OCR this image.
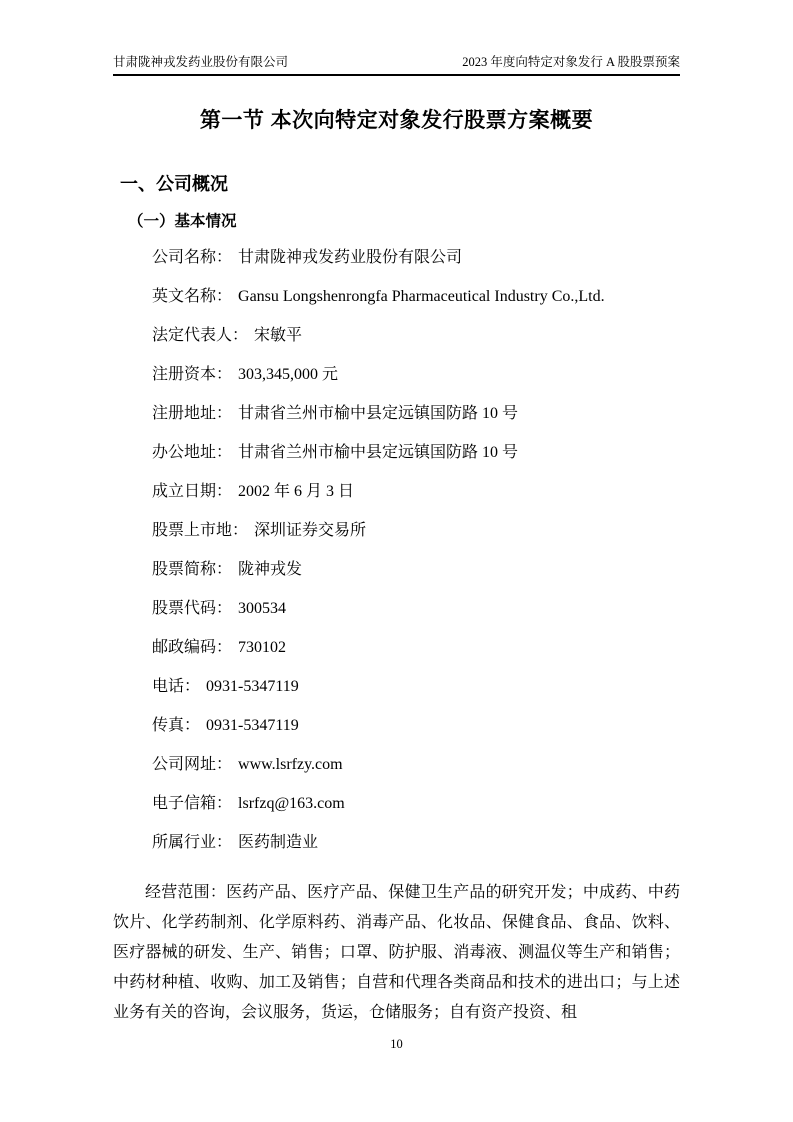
甘肃陇神戎发药业股份有限公司	2023 年度向特定对象发行 A 股股票预案
第一节 本次向特定对象发行股票方案概要
一、公司概况
（一）基本情况
公司名称： 甘肃陇神戎发药业股份有限公司
英文名称： Gansu Longshenrongfa Pharmaceutical Industry Co.,Ltd.
法定代表人： 宋敏平
注册资本： 303,345,000 元
注册地址： 甘肃省兰州市榆中县定远镇国防路 10 号
办公地址： 甘肃省兰州市榆中县定远镇国防路 10 号
成立日期： 2002 年 6 月 3 日
股票上市地： 深圳证券交易所
股票简称： 陇神戎发
股票代码： 300534
邮政编码： 730102
电话： 0931-5347119
传真： 0931-5347119
公司网址： www.lsrfzy.com
电子信箱： lsrfzq@163.com
所属行业： 医药制造业
经营范围：医药产品、医疗产品、保健卫生产品的研究开发；中成药、中药饮片、化学药制剂、化学原料药、消毒产品、化妆品、保健食品、食品、饮料、医疗器械的研发、生产、销售；口罩、防护服、消毒液、测温仪等生产和销售；中药材种植、收购、加工及销售；自营和代理各类商品和技术的进出口；与上述业务有关的咨询，会议服务，货运，仓储服务；自有资产投资、租
10
